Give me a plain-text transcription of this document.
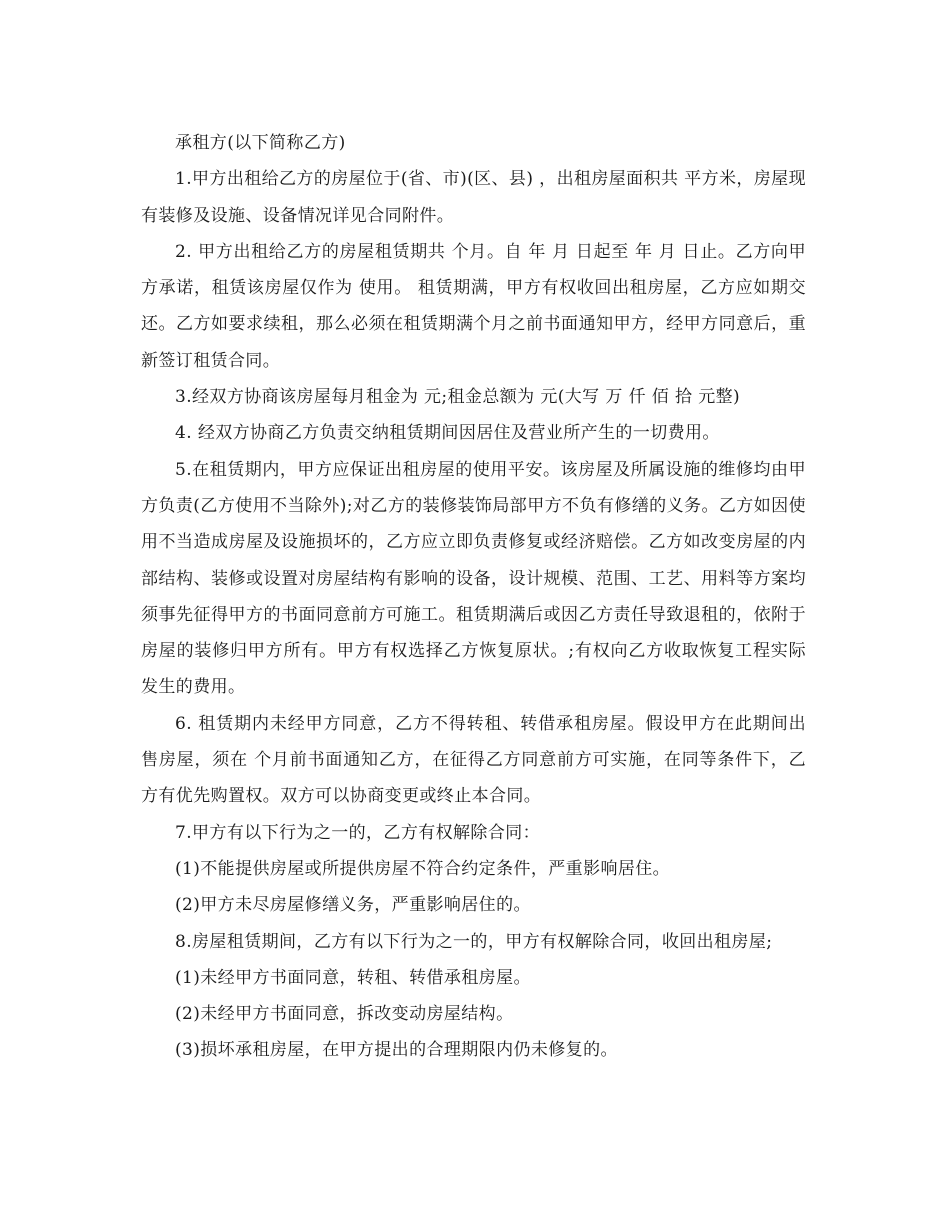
承租方(以下简称乙方)

1.甲方出租给乙方的房屋位于(省、市)(区、县) ，出租房屋面积共 平方米，房屋现有装修及设施、设备情况详见合同附件。

2. 甲方出租给乙方的房屋租赁期共 个月。自 年 月 日起至 年 月 日止。乙方向甲方承诺，租赁该房屋仅作为 使用。 租赁期满，甲方有权收回出租房屋，乙方应如期交还。乙方如要求续租，那么必须在租赁期满个月之前书面通知甲方，经甲方同意后，重新签订租赁合同。

3.经双方协商该房屋每月租金为 元;租金总额为 元(大写 万 仟 佰 拾 元整)

4. 经双方协商乙方负责交纳租赁期间因居住及营业所产生的一切费用。

5.在租赁期内，甲方应保证出租房屋的使用平安。该房屋及所属设施的维修均由甲方负责(乙方使用不当除外);对乙方的装修装饰局部甲方不负有修缮的义务。乙方如因使用不当造成房屋及设施损坏的，乙方应立即负责修复或经济赔偿。乙方如改变房屋的内部结构、装修或设置对房屋结构有影响的设备，设计规模、范围、工艺、用料等方案均须事先征得甲方的书面同意前方可施工。租赁期满后或因乙方责任导致退租的，依附于房屋的装修归甲方所有。甲方有权选择乙方恢复原状。;有权向乙方收取恢复工程实际发生的费用。

6. 租赁期内未经甲方同意，乙方不得转租、转借承租房屋。假设甲方在此期间出售房屋，须在 个月前书面通知乙方，在征得乙方同意前方可实施，在同等条件下，乙方有优先购置权。双方可以协商变更或终止本合同。

7.甲方有以下行为之一的，乙方有权解除合同：

(1)不能提供房屋或所提供房屋不符合约定条件，严重影响居住。

(2)甲方未尽房屋修缮义务，严重影响居住的。

8.房屋租赁期间，乙方有以下行为之一的，甲方有权解除合同，收回出租房屋;

(1)未经甲方书面同意，转租、转借承租房屋。

(2)未经甲方书面同意，拆改变动房屋结构。

(3)损坏承租房屋，在甲方提出的合理期限内仍未修复的。
